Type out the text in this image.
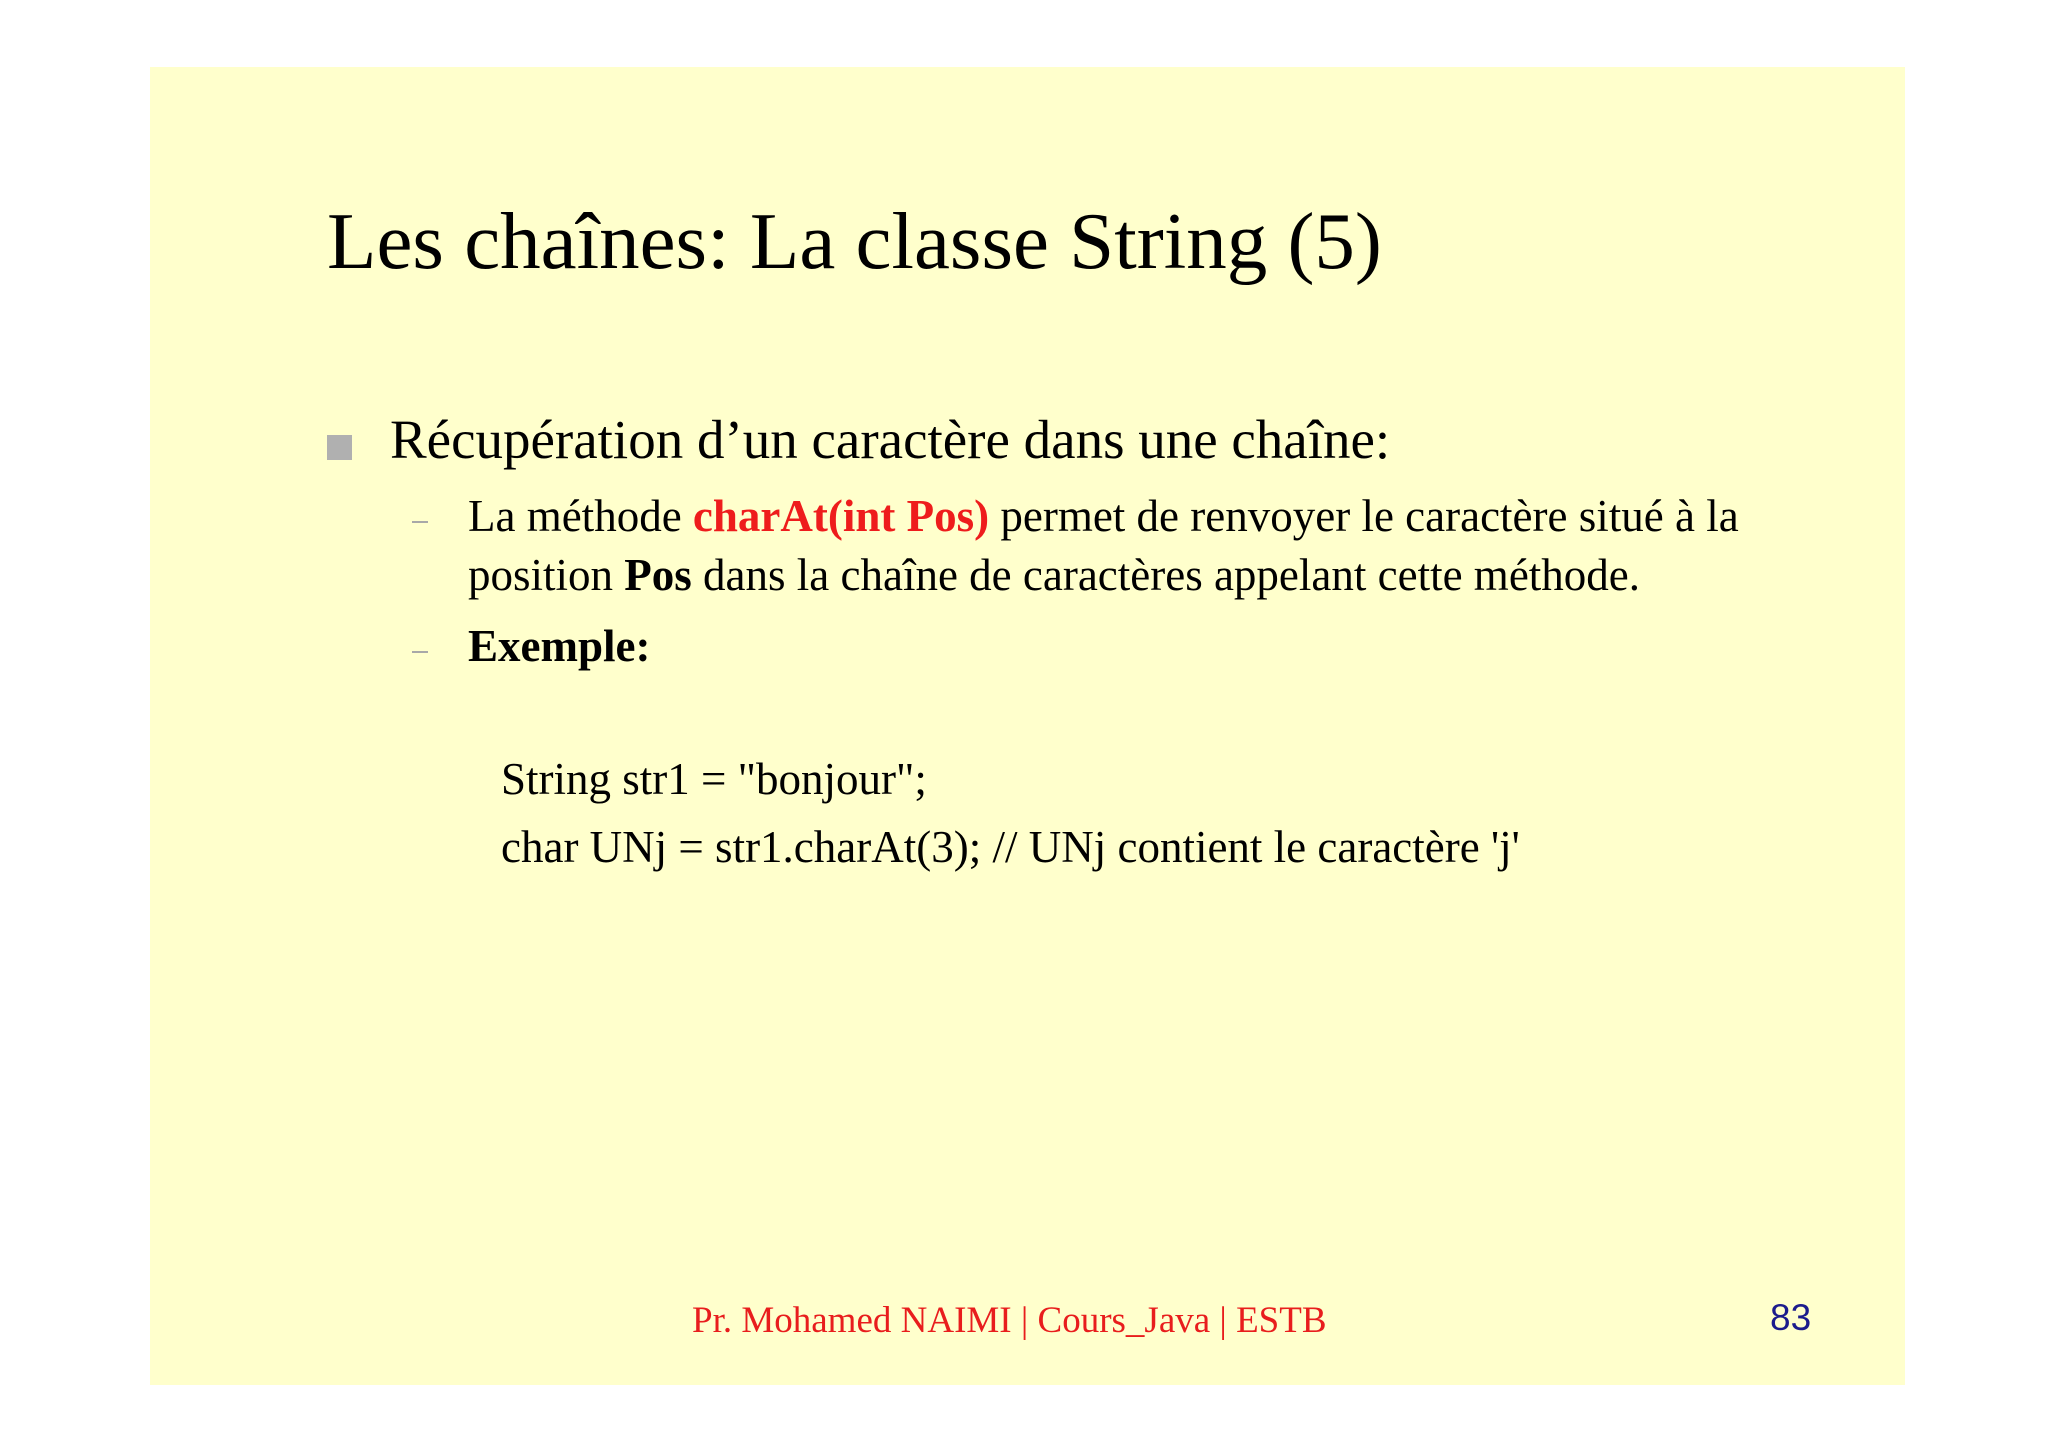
Les chaînes: La classe String (5)
Récupération d’un caractère dans une chaîne:
La méthode charAt(int Pos) permet de renvoyer le caractère situé à la position Pos dans la chaîne de caractères appelant cette méthode.
Exemple:
String str1 = "bonjour";
char UNj = str1.charAt(3); // UNj contient le caractère 'j'
Pr. Mohamed NAIMI | Cours_Java | ESTB	83
